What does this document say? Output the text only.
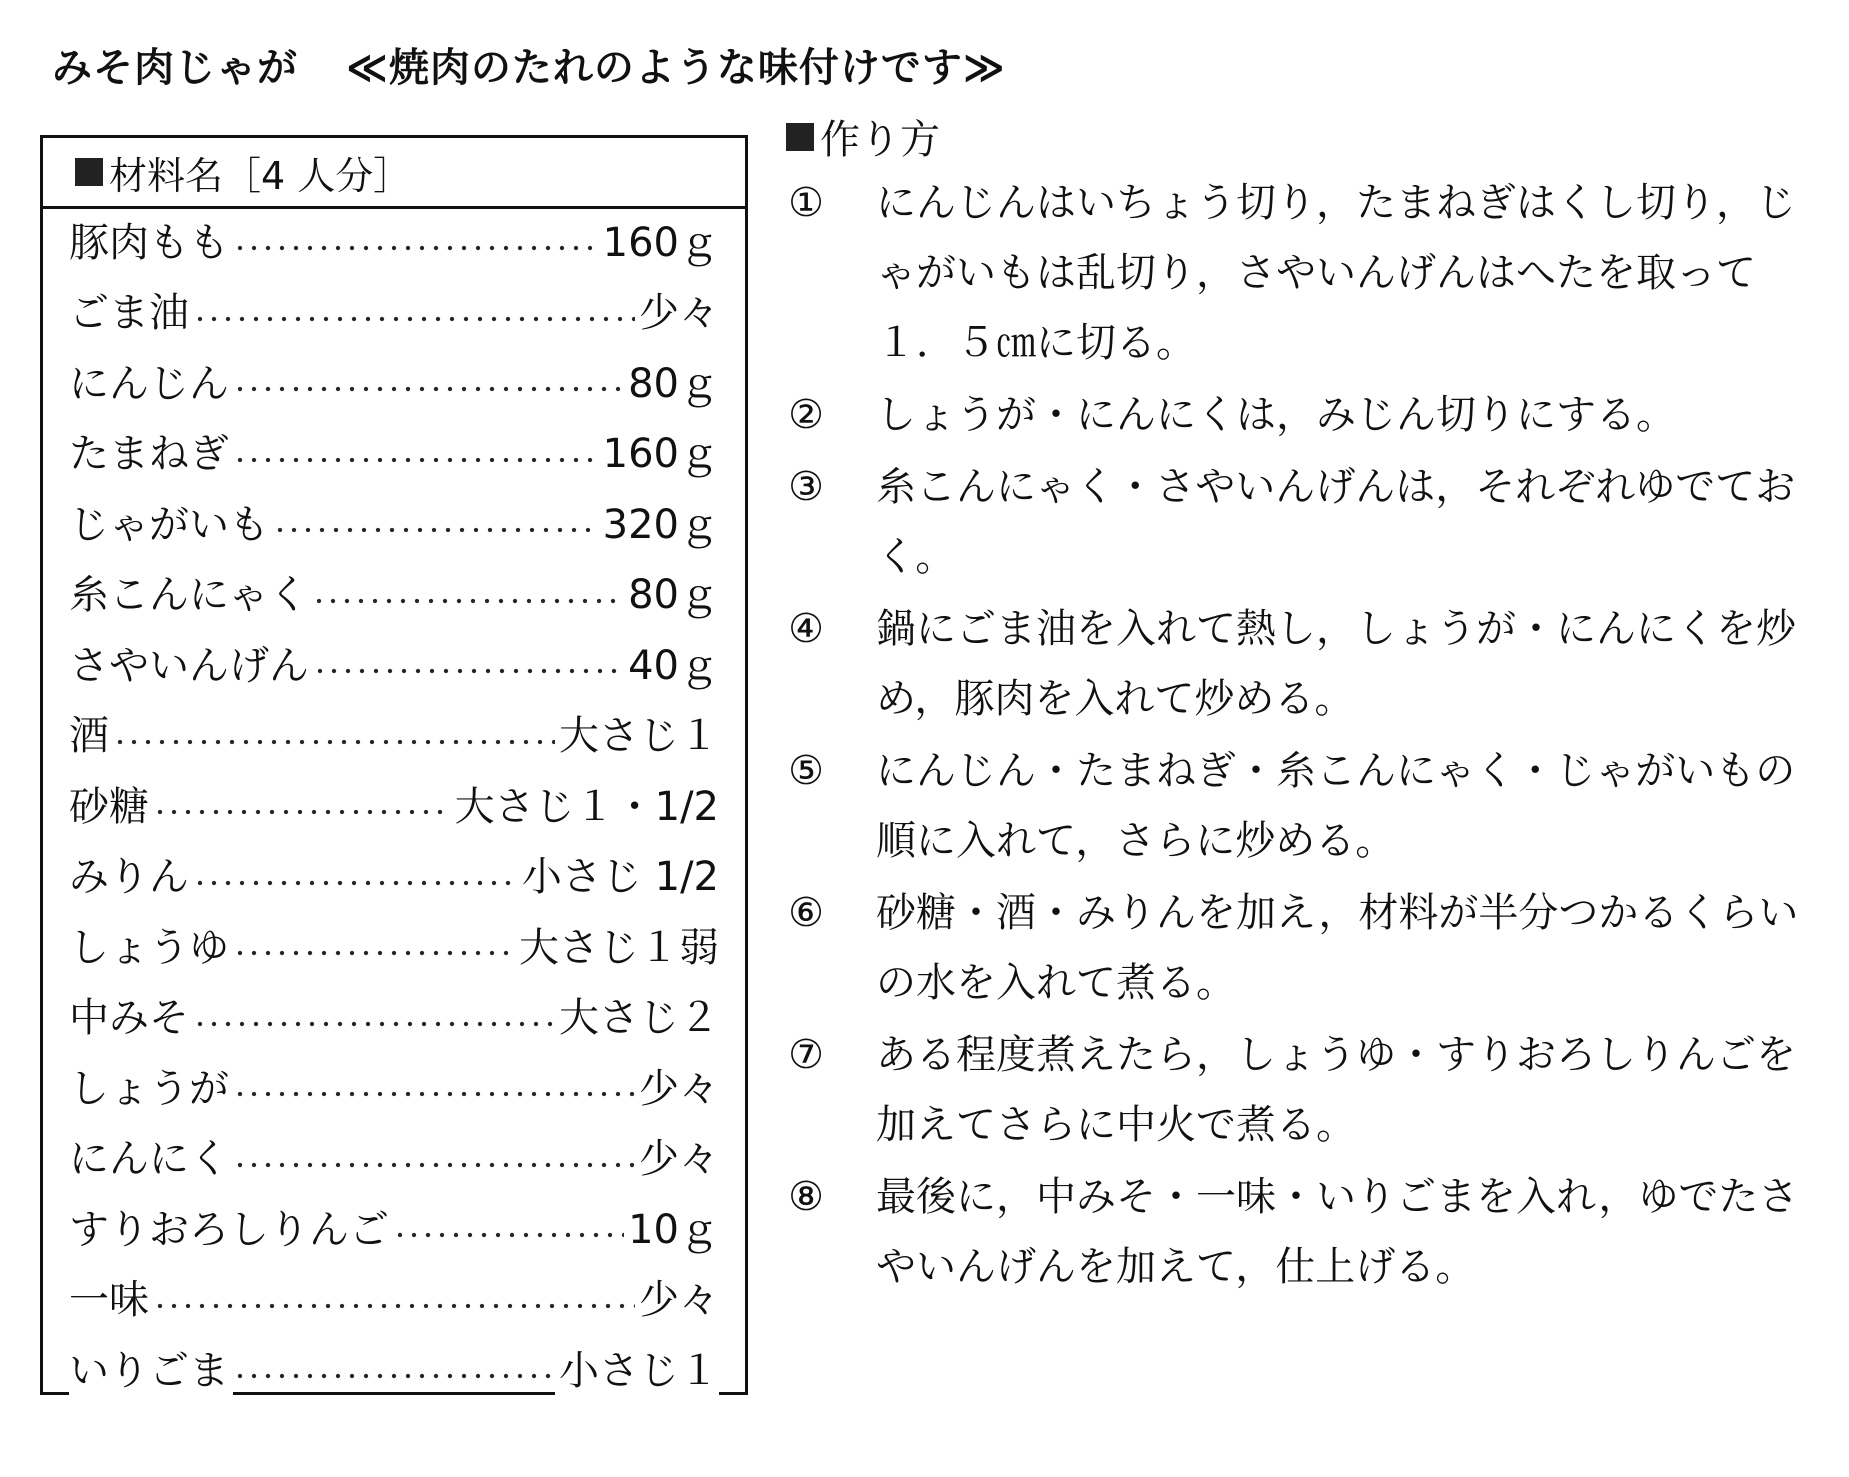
みそ肉じゃが ≪焼肉のたれのような味付けです≫
材料名［4 人分］
豚肉もも	160ｇ
ごま油	少々
にんじん	80ｇ
たまねぎ	160ｇ
じゃがいも	320ｇ
糸こんにゃく	80ｇ
さやいんげん	40ｇ
酒	大さじ１
砂糖	大さじ１・1/2
みりん	小さじ 1/2
しょうゆ	大さじ１弱
中みそ	大さじ２
しょうが	少々
にんにく	少々
すりおろしりんご	10ｇ
一味	少々
いりごま	小さじ１
作り方
①	にんじんはいちょう切り，たまねぎはくし切り，じゃがいもは乱切り，さやいんげんはへたを取って１．５㎝に切る。
②	しょうが・にんにくは，みじん切りにする。
③	糸こんにゃく・さやいんげんは，それぞれゆでておく。
④	鍋にごま油を入れて熱し，しょうが・にんにくを炒め，豚肉を入れて炒める。
⑤	にんじん・たまねぎ・糸こんにゃく・じゃがいもの順に入れて，さらに炒める。
⑥	砂糖・酒・みりんを加え，材料が半分つかるくらいの水を入れて煮る。
⑦	ある程度煮えたら，しょうゆ・すりおろしりんごを加えてさらに中火で煮る。
⑧	最後に，中みそ・一味・いりごまを入れ，ゆでたさやいんげんを加えて，仕上げる。
